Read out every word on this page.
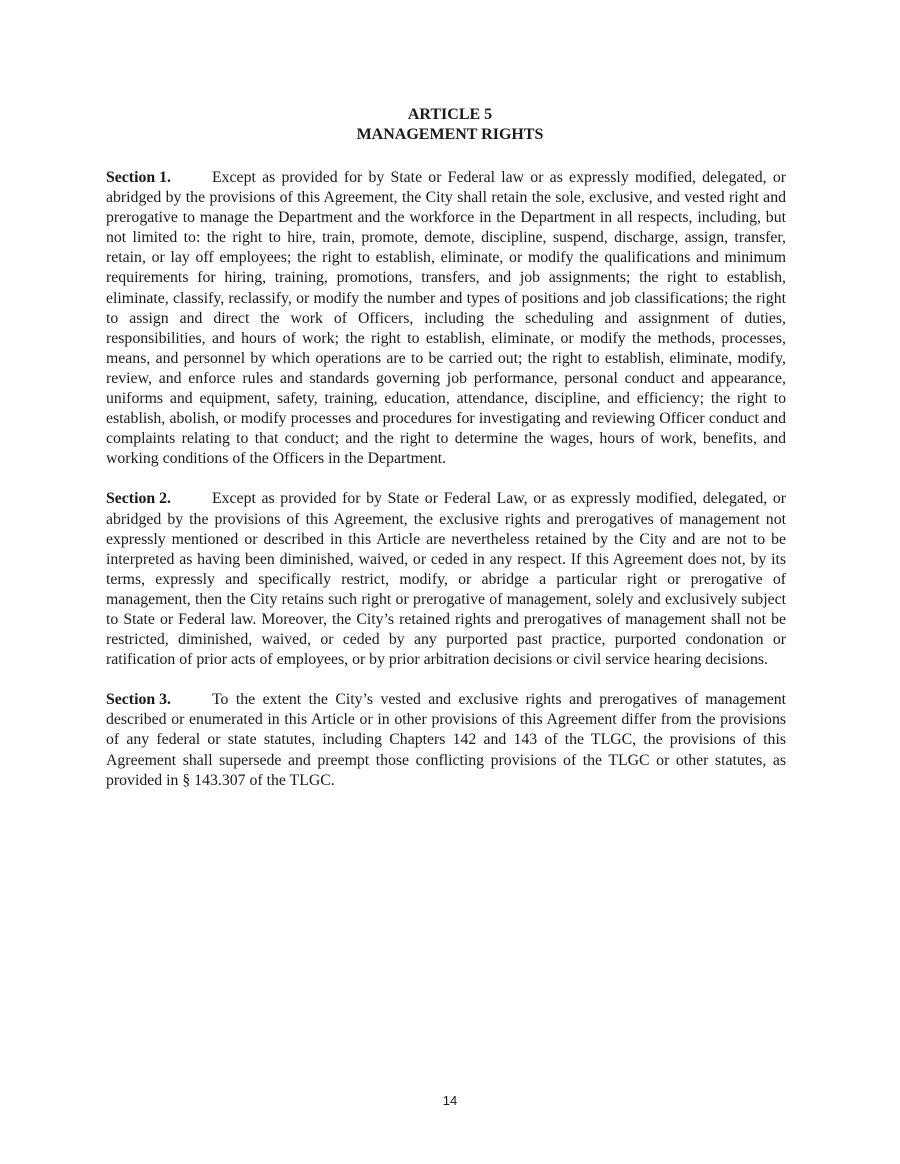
ARTICLE 5
MANAGEMENT RIGHTS

Section 1.	Except as provided for by State or Federal law or as expressly modified, delegated, or abridged by the provisions of this Agreement, the City shall retain the sole, exclusive, and vested right and prerogative to manage the Department and the workforce in the Department in all respects, including, but not limited to: the right to hire, train, promote, demote, discipline, suspend, discharge, assign, transfer, retain, or lay off employees; the right to establish, eliminate, or modify the qualifications and minimum requirements for hiring, training, promotions, transfers, and job assignments; the right to establish, eliminate, classify, reclassify, or modify the number and types of positions and job classifications; the right to assign and direct the work of Officers, including the scheduling and assignment of duties, responsibilities, and hours of work; the right to establish, eliminate, or modify the methods, processes, means, and personnel by which operations are to be carried out; the right to establish, eliminate, modify, review, and enforce rules and standards governing job performance, personal conduct and appearance, uniforms and equipment, safety, training, education, attendance, discipline, and efficiency; the right to establish, abolish, or modify processes and procedures for investigating and reviewing Officer conduct and complaints relating to that conduct; and the right to determine the wages, hours of work, benefits, and working conditions of the Officers in the Department.

Section 2.	Except as provided for by State or Federal Law, or as expressly modified, delegated, or abridged by the provisions of this Agreement, the exclusive rights and prerogatives of management not expressly mentioned or described in this Article are nevertheless retained by the City and are not to be interpreted as having been diminished, waived, or ceded in any respect. If this Agreement does not, by its terms, expressly and specifically restrict, modify, or abridge a particular right or prerogative of management, then the City retains such right or prerogative of management, solely and exclusively subject to State or Federal law. Moreover, the City’s retained rights and prerogatives of management shall not be restricted, diminished, waived, or ceded by any purported past practice, purported condonation or ratification of prior acts of employees, or by prior arbitration decisions or civil service hearing decisions.

Section 3.	To the extent the City’s vested and exclusive rights and prerogatives of management described or enumerated in this Article or in other provisions of this Agreement differ from the provisions of any federal or state statutes, including Chapters 142 and 143 of the TLGC, the provisions of this Agreement shall supersede and preempt those conflicting provisions of the TLGC or other statutes, as provided in § 143.307 of the TLGC.

14
